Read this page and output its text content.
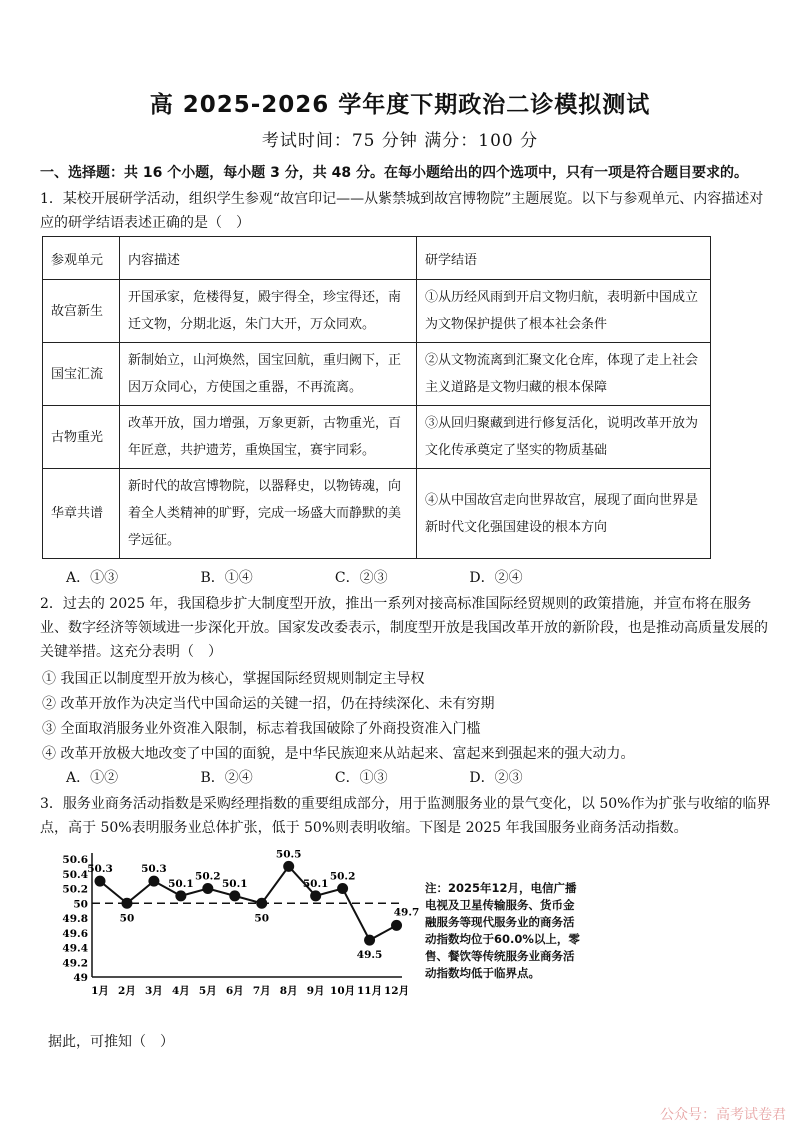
高 2025-2026 学年度下期政治二诊模拟测试
考试时间：75 分钟 满分：100 分
一、选择题：共 16 个小题，每小题 3 分，共 48 分。在每小题给出的四个选项中，只有一项是符合题目要求的。
1．某校开展研学活动，组织学生参观“故宫印记——从紫禁城到故宫博物院”主题展览。以下与参观单元、内容描述对应的研学结语表述正确的是（　）
参观单元	内容描述	研学结语
故宫新生	开国承家，危楼得复，殿宇得全，珍宝得还，南迁文物，分期北返，朱门大开，万众同欢。	①从历经风雨到开启文物归航，表明新中国成立为文物保护提供了根本社会条件
国宝汇流	新制始立，山河焕然，国宝回航，重归阙下，正因万众同心，方使国之重器，不再流离。	②从文物流离到汇聚文化仓库，体现了走上社会主义道路是文物归藏的根本保障
古物重光	改革开放，国力增强，万象更新，古物重光，百年匠意，共护遗芳，重焕国宝，赛宇同彩。	③从回归聚藏到进行修复活化，说明改革开放为文化传承奠定了坚实的物质基础
华章共谱	新时代的故宫博物院，以器释史，以物铸魂，向着全人类精神的旷野，完成一场盛大而静默的美学远征。	④从中国故宫走向世界故宫，展现了面向世界是新时代文化强国建设的根本方向
A．①③	B．①④	C．②③	D．②④
2．过去的 2025 年，我国稳步扩大制度型开放，推出一系列对接高标准国际经贸规则的政策措施，并宣布将在服务业、数字经济等领域进一步深化开放。国家发改委表示，制度型开放是我国改革开放的新阶段，也是推动高质量发展的关键举措。这充分表明（　）
① 我国正以制度型开放为核心，掌握国际经贸规则制定主导权
② 改革开放作为决定当代中国命运的关键一招，仍在持续深化、未有穷期
③ 全面取消服务业外资准入限制，标志着我国破除了外商投资准入门槛
④ 改革开放极大地改变了中国的面貌，是中华民族迎来从站起来、富起来到强起来的强大动力。
A．①②	B．②④	C．①③	D．②③
3．服务业商务活动指数是采购经理指数的重要组成部分，用于监测服务业的景气变化，以 50%作为扩张与收缩的临界点，高于 50%表明服务业总体扩张，低于 50%则表明收缩。下图是 2025 年我国服务业商务活动指数。
50.6
50.4
50.2
50
49.8
49.6
49.4
49.2
49
50.3
1月
50
2月
50.3
3月
50.1
4月
50.2
5月
50.1
6月
50
7月
50.5
8月
50.1
9月
50.2
10月
49.5
11月
49.7
12月
注：2025年12月，电信广播电视及卫星传输服务、货币金融服务等现代服务业的商务活动指数均位于60.0%以上，零售、餐饮等传统服务业商务活动指数均低于临界点。
据此，可推知（　）
公众号：高考试卷君
